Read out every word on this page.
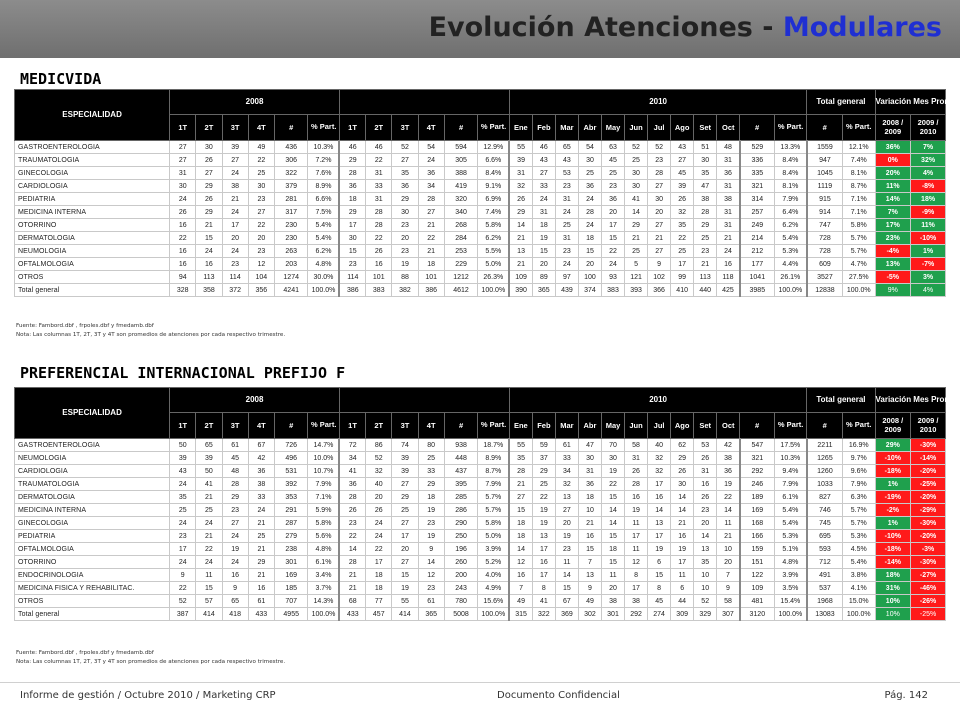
Evolución Atenciones - Modulares
MEDICVIDA
ESPECIALIDAD	2008												2010												Total general		Variación Mes Prom.	
	1T	2T	3T	4T	#	% Part.	1T	2T	3T	4T	#	% Part.	Ene	Feb	Mar	Abr	May	Jun	Jul	Ago	Set	Oct	#	% Part.	#	% Part.	2008 / 2009	2009 / 2010
GASTROENTEROLOGIA	27	30	39	49	436	10.3%	46	46	52	54	594	12.9%	55	46	65	54	63	52	52	43	51	48	529	13.3%	1559	12.1%	36%	7%
TRAUMATOLOGIA	27	26	27	22	306	7.2%	29	22	27	24	305	6.6%	39	43	43	30	45	25	23	27	30	31	336	8.4%	947	7.4%	0%	32%
GINECOLOGIA	31	27	24	25	322	7.6%	28	31	35	36	388	8.4%	31	27	53	25	25	30	28	45	35	36	335	8.4%	1045	8.1%	20%	4%
CARDIOLOGIA	30	29	38	30	379	8.9%	36	33	36	34	419	9.1%	32	33	23	36	23	30	27	39	47	31	321	8.1%	1119	8.7%	11%	-8%
PEDIATRIA	24	26	21	23	281	6.6%	18	31	29	28	320	6.9%	26	24	31	24	36	41	30	26	38	38	314	7.9%	915	7.1%	14%	18%
MEDICINA INTERNA	26	29	24	27	317	7.5%	29	28	30	27	340	7.4%	29	31	24	28	20	14	20	32	28	31	257	6.4%	914	7.1%	7%	-9%
OTORRINO	16	21	17	22	230	5.4%	17	28	23	21	268	5.8%	14	18	25	24	17	29	27	35	29	31	249	6.2%	747	5.8%	17%	11%
DERMATOLOGIA	22	15	20	20	230	5.4%	30	22	20	22	284	6.2%	21	19	31	18	15	21	21	22	25	21	214	5.4%	728	5.7%	23%	-10%
NEUMOLOGIA	16	24	24	23	263	6.2%	15	26	23	21	253	5.5%	13	15	23	15	22	25	27	25	23	24	212	5.3%	728	5.7%	-4%	1%
OFTALMOLOGIA	16	16	23	12	203	4.8%	23	16	19	18	229	5.0%	21	20	24	20	24	5	9	17	21	16	177	4.4%	609	4.7%	13%	-7%
OTROS	94	113	114	104	1274	30.0%	114	101	88	101	1212	26.3%	109	89	97	100	93	121	102	99	113	118	1041	26.1%	3527	27.5%	-5%	3%
Total general	328	358	372	356	4241	100.0%	386	383	382	386	4612	100.0%	390	365	439	374	383	393	366	410	440	425	3985	100.0%	12838	100.0%	9%	4%
Fuente: Fambord.dbf , frpoles.dbf y fmedamb.dbf
Nota: Las columnas 1T, 2T, 3T y 4T son promedios de atenciones por cada respectivo trimestre.
PREFERENCIAL INTERNACIONAL PREFIJO F
ESPECIALIDAD	2008												2010												Total general		Variación Mes Prom.	
	1T	2T	3T	4T	#	% Part.	1T	2T	3T	4T	#	% Part.	Ene	Feb	Mar	Abr	May	Jun	Jul	Ago	Set	Oct	#	% Part.	#	% Part.	2008 / 2009	2009 / 2010
GASTROENTEROLOGIA	50	65	61	67	726	14.7%	72	86	74	80	938	18.7%	55	59	61	47	70	58	40	62	53	42	547	17.5%	2211	16.9%	29%	-30%
NEUMOLOGIA	39	39	45	42	496	10.0%	34	52	39	25	448	8.9%	35	37	33	30	30	31	32	29	26	38	321	10.3%	1265	9.7%	-10%	-14%
CARDIOLOGIA	43	50	48	36	531	10.7%	41	32	39	33	437	8.7%	28	29	34	31	19	26	32	26	31	36	292	9.4%	1260	9.6%	-18%	-20%
TRAUMATOLOGIA	24	41	28	38	392	7.9%	36	40	27	29	395	7.9%	21	25	32	36	22	28	17	30	16	19	246	7.9%	1033	7.9%	1%	-25%
DERMATOLOGIA	35	21	29	33	353	7.1%	28	20	29	18	285	5.7%	27	22	13	18	15	16	16	14	26	22	189	6.1%	827	6.3%	-19%	-20%
MEDICINA INTERNA	25	25	23	24	291	5.9%	26	26	25	19	286	5.7%	15	19	27	10	14	19	14	14	23	14	169	5.4%	746	5.7%	-2%	-29%
GINECOLOGIA	24	24	27	21	287	5.8%	23	24	27	23	290	5.8%	18	19	20	21	14	11	13	21	20	11	168	5.4%	745	5.7%	1%	-30%
PEDIATRIA	23	21	24	25	279	5.6%	22	24	17	19	250	5.0%	18	13	19	16	15	17	17	16	14	21	166	5.3%	695	5.3%	-10%	-20%
OFTALMOLOGIA	17	22	19	21	238	4.8%	14	22	20	9	196	3.9%	14	17	23	15	18	11	19	19	13	10	159	5.1%	593	4.5%	-18%	-3%
OTORRINO	24	24	24	29	301	6.1%	28	17	27	14	260	5.2%	12	16	11	7	15	12	6	17	35	20	151	4.8%	712	5.4%	-14%	-30%
ENDOCRINOLOGIA	9	11	16	21	169	3.4%	21	18	15	12	200	4.0%	16	17	14	13	11	8	15	11	10	7	122	3.9%	491	3.8%	18%	-27%
MEDICINA FISICA Y REHABILITAC.	22	15	9	16	185	3.7%	21	18	19	23	243	4.9%	7	8	15	9	20	17	8	6	10	9	109	3.5%	537	4.1%	31%	-46%
OTROS	52	57	65	61	707	14.3%	68	77	55	61	780	15.6%	49	41	67	49	38	38	45	44	52	58	481	15.4%	1968	15.0%	10%	-26%
Total general	387	414	418	433	4955	100.0%	433	457	414	365	5008	100.0%	315	322	369	302	301	292	274	309	329	307	3120	100.0%	13083	100.0%	10%	-25%
Fuente: Fambord.dbf , frpoles.dbf y fmedamb.dbf
Nota: Las columnas 1T, 2T, 3T y 4T son promedios de atenciones por cada respectivo trimestre.
Informe de gestión / Octubre 2010 / Marketing CRP	Documento Confidencial	Pág. 142
